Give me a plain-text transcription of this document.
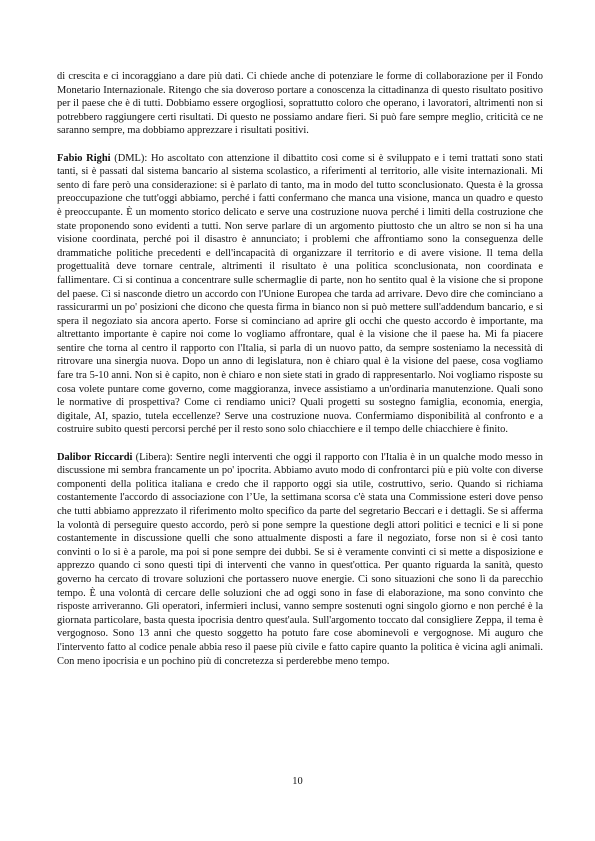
di crescita e ci incoraggiano a dare più dati. Ci chiede anche di potenziare le forme di collaborazione per il Fondo Monetario Internazionale. Ritengo che sia doveroso portare a conoscenza la cittadinanza di questo risultato positivo per il paese che è di tutti. Dobbiamo essere orgogliosi, soprattutto coloro che operano, i lavoratori, altrimenti non si potrebbero raggiungere certi risultati. Di questo ne possiamo andare fieri. Si può fare sempre meglio, criticità ce ne saranno sempre, ma dobbiamo apprezzare i risultati positivi.

Fabio Righi (DML): Ho ascoltato con attenzione il dibattito così come si è sviluppato e i temi trattati sono stati tanti, si è passati dal sistema bancario al sistema scolastico, a riferimenti al territorio, alle visite internazionali. Mi sento di fare però una considerazione: si è parlato di tanto, ma in modo del tutto sconclusionato. Questa è la grossa preoccupazione che tutt'oggi abbiamo, perché i fatti confermano che manca una visione, manca un quadro e questo è preoccupante. È un momento storico delicato e serve una costruzione nuova perché i limiti della costruzione che state proponendo sono evidenti a tutti. Non serve parlare di un argomento piuttosto che un altro se non si ha una visione coordinata, perché poi il disastro è annunciato; i problemi che affrontiamo sono la conseguenza delle drammatiche politiche precedenti e dell'incapacità di organizzare il territorio e di avere visione. Il tema della progettualità deve tornare centrale, altrimenti il risultato è una politica sconclusionata, non coordinata e fallimentare. Ci si continua a concentrare sulle schermaglie di parte, non ho sentito qual è la visione che si propone del paese. Ci si nasconde dietro un accordo con l'Unione Europea che tarda ad arrivare. Devo dire che cominciano a rassicurarmi un po' posizioni che dicono che questa firma in bianco non si può mettere sull'addendum bancario, e si spera il negoziato sia ancora aperto. Forse si cominciano ad aprire gli occhi che questo accordo è importante, ma altrettanto importante è capire noi come lo vogliamo affrontare, qual è la visione che il paese ha. Mi fa piacere sentire che torna al centro il rapporto con l'Italia, si parla di un nuovo patto, da sempre sosteniamo la necessità di ritrovare una sinergia nuova. Dopo un anno di legislatura, non è chiaro qual è la visione del paese, cosa vogliamo fare tra 5-10 anni. Non si è capito, non è chiaro e non siete stati in grado di rappresentarlo. Noi vogliamo risposte su cosa volete puntare come governo, come maggioranza, invece assistiamo a un'ordinaria manutenzione. Quali sono le normative di prospettiva? Come ci rendiamo unici? Quali progetti su sostegno famiglia, economia, energia, digitale, AI, spazio, tutela eccellenze? Serve una costruzione nuova. Confermiamo disponibilità al confronto e a costruire subito questi percorsi perché per il resto sono solo chiacchiere e il tempo delle chiacchiere è finito.

Dalibor Riccardi (Libera): Sentire negli interventi che oggi il rapporto con l'Italia è in un qualche modo messo in discussione mi sembra francamente un po' ipocrita. Abbiamo avuto modo di confrontarci più e più volte con diverse componenti della politica italiana e credo che il rapporto oggi sia utile, costruttivo, serio. Quando si richiama costantemente l'accordo di associazione con l’Ue, la settimana scorsa c'è stata una Commissione esteri dove penso che tutti abbiamo apprezzato il riferimento molto specifico da parte del segretario Beccari e i dettagli. Se si afferma la volontà di perseguire questo accordo, però si pone sempre la questione degli attori politici e tecnici e li si pone costantemente in discussione quelli che sono attualmente disposti a fare il negoziato, forse non si è così tanto convinti o lo si è a parole, ma poi si pone sempre dei dubbi. Se si è veramente convinti ci si mette a disposizione e apprezzo quando ci sono questi tipi di interventi che vanno in quest'ottica. Per quanto riguarda la sanità, questo governo ha cercato di trovare soluzioni che portassero nuove energie. Ci sono situazioni che sono lì da parecchio tempo. È una volontà di cercare delle soluzioni che ad oggi sono in fase di elaborazione, ma sono convinto che risposte arriveranno. Gli operatori, infermieri inclusi, vanno sempre sostenuti ogni singolo giorno e non perché è la giornata particolare, basta questa ipocrisia dentro quest'aula. Sull'argomento toccato dal consigliere Zeppa, il tema è vergognoso. Sono 13 anni che questo soggetto ha potuto fare cose abominevoli e vergognose. Mi auguro che l'intervento fatto al codice penale abbia reso il paese più civile e fatto capire quanto la politica è vicina agli animali. Con meno ipocrisia e un pochino più di concretezza si perderebbe meno tempo.

10
